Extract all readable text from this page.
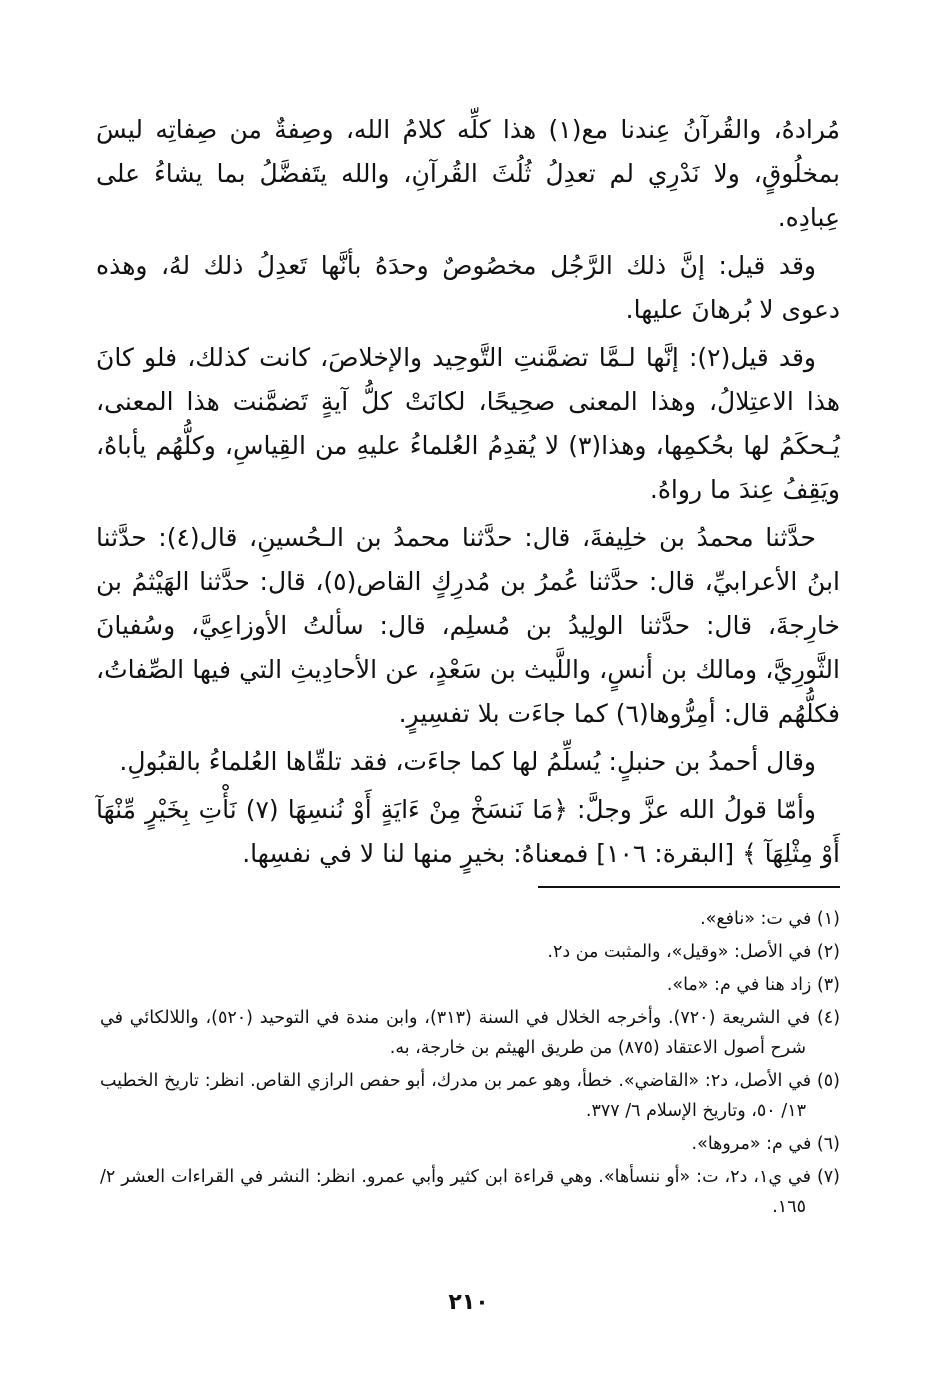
مُرادهُ، والقُرآنُ عِندنا مع(١) هذا كلِّه كلامُ الله، وصِفةٌ من صِفاتِه ليسَ بمخلُوقٍ، ولا نَدْرِي لم تعدِلُ ثُلُثَ القُرآنِ، والله يتَفضَّلُ بما يشاءُ على عِبادِه.

وقد قيل: إنَّ ذلك الرَّجُل مخصُوصٌ وحدَهُ بأنَّها تَعدِلُ ذلك لهُ، وهذه دعوى لا بُرهانَ عليها.

وقد قيل(٢): إنَّها لـمَّا تضمَّنتِ التَّوحِيد والإخلاصَ، كانت كذلك، فلو كانَ هذا الاعتِلالُ، وهذا المعنى صحِيحًا، لكانَتْ كلُّ آيةٍ تَضمَّنت هذا المعنى، يُـحكَمُ لها بحُكمِها، وهذا(٣) لا يُقدِمُ العُلماءُ عليهِ من القِياسِ، وكلُّهُم يأباهُ، ويَقِفُ عِندَ ما رواهُ.

حدَّثنا محمدُ بن خلِيفةَ، قال: حدَّثنا محمدُ بن الـحُسينِ، قال(٤): حدَّثنا ابنُ الأعرابيِّ، قال: حدَّثنا عُمرُ بن مُدرِكٍ القاص(٥)، قال: حدَّثنا الهَيْثمُ بن خارِجةَ، قال: حدَّثنا الولِيدُ بن مُسلِم، قال: سألتُ الأوزاعِيَّ، وسُفيانَ الثَّورِيَّ، ومالك بن أنسٍ، واللَّيث بن سَعْدٍ، عن الأحادِيثِ التي فيها الصِّفاتُ، فكلُّهُم قال: أمِرُّوها(٦) كما جاءَت بلا تفسِيرٍ.

وقال أحمدُ بن حنبلٍ: يُسلِّمُ لها كما جاءَت، فقد تلقّاها العُلماءُ بالقبُولِ.

وأمّا قولُ الله عزَّ وجلَّ: ﴿مَا نَنسَخْ مِنْ ءَايَةٍ أَوْ نُنسِهَا (٧) نَأْتِ بِخَيْرٍ مِّنْهَآ أَوْ مِثْلِهَآ ﴾ [البقرة: ١٠٦] فمعناهُ: بخيرٍ منها لنا لا في نفسِها.

(١) في ت: «نافع».

(٢) في الأصل: «وقيل»، والمثبت من د٢.

(٣) زاد هنا في م: «ما».

(٤) في الشريعة (٧٢٠). وأخرجه الخلال في السنة (٣١٣)، وابن مندة في التوحيد (٥٢٠)، واللالكائي في شرح أصول الاعتقاد (٨٧٥) من طريق الهيثم بن خارجة، به.

(٥) في الأصل، د٢: «القاضي». خطأ، وهو عمر بن مدرك، أبو حفص الرازي القاص. انظر: تاريخ الخطيب ١٣/ ٥٠، وتاريخ الإسلام ٦/ ٣٧٧.

(٦) في م: «مروها».

(٧) في ي١، د٢، ت: «أو ننسأها». وهي قراءة ابن كثير وأبي عمرو. انظر: النشر في القراءات العشر ٢/ ١٦٥.

٢١٠
